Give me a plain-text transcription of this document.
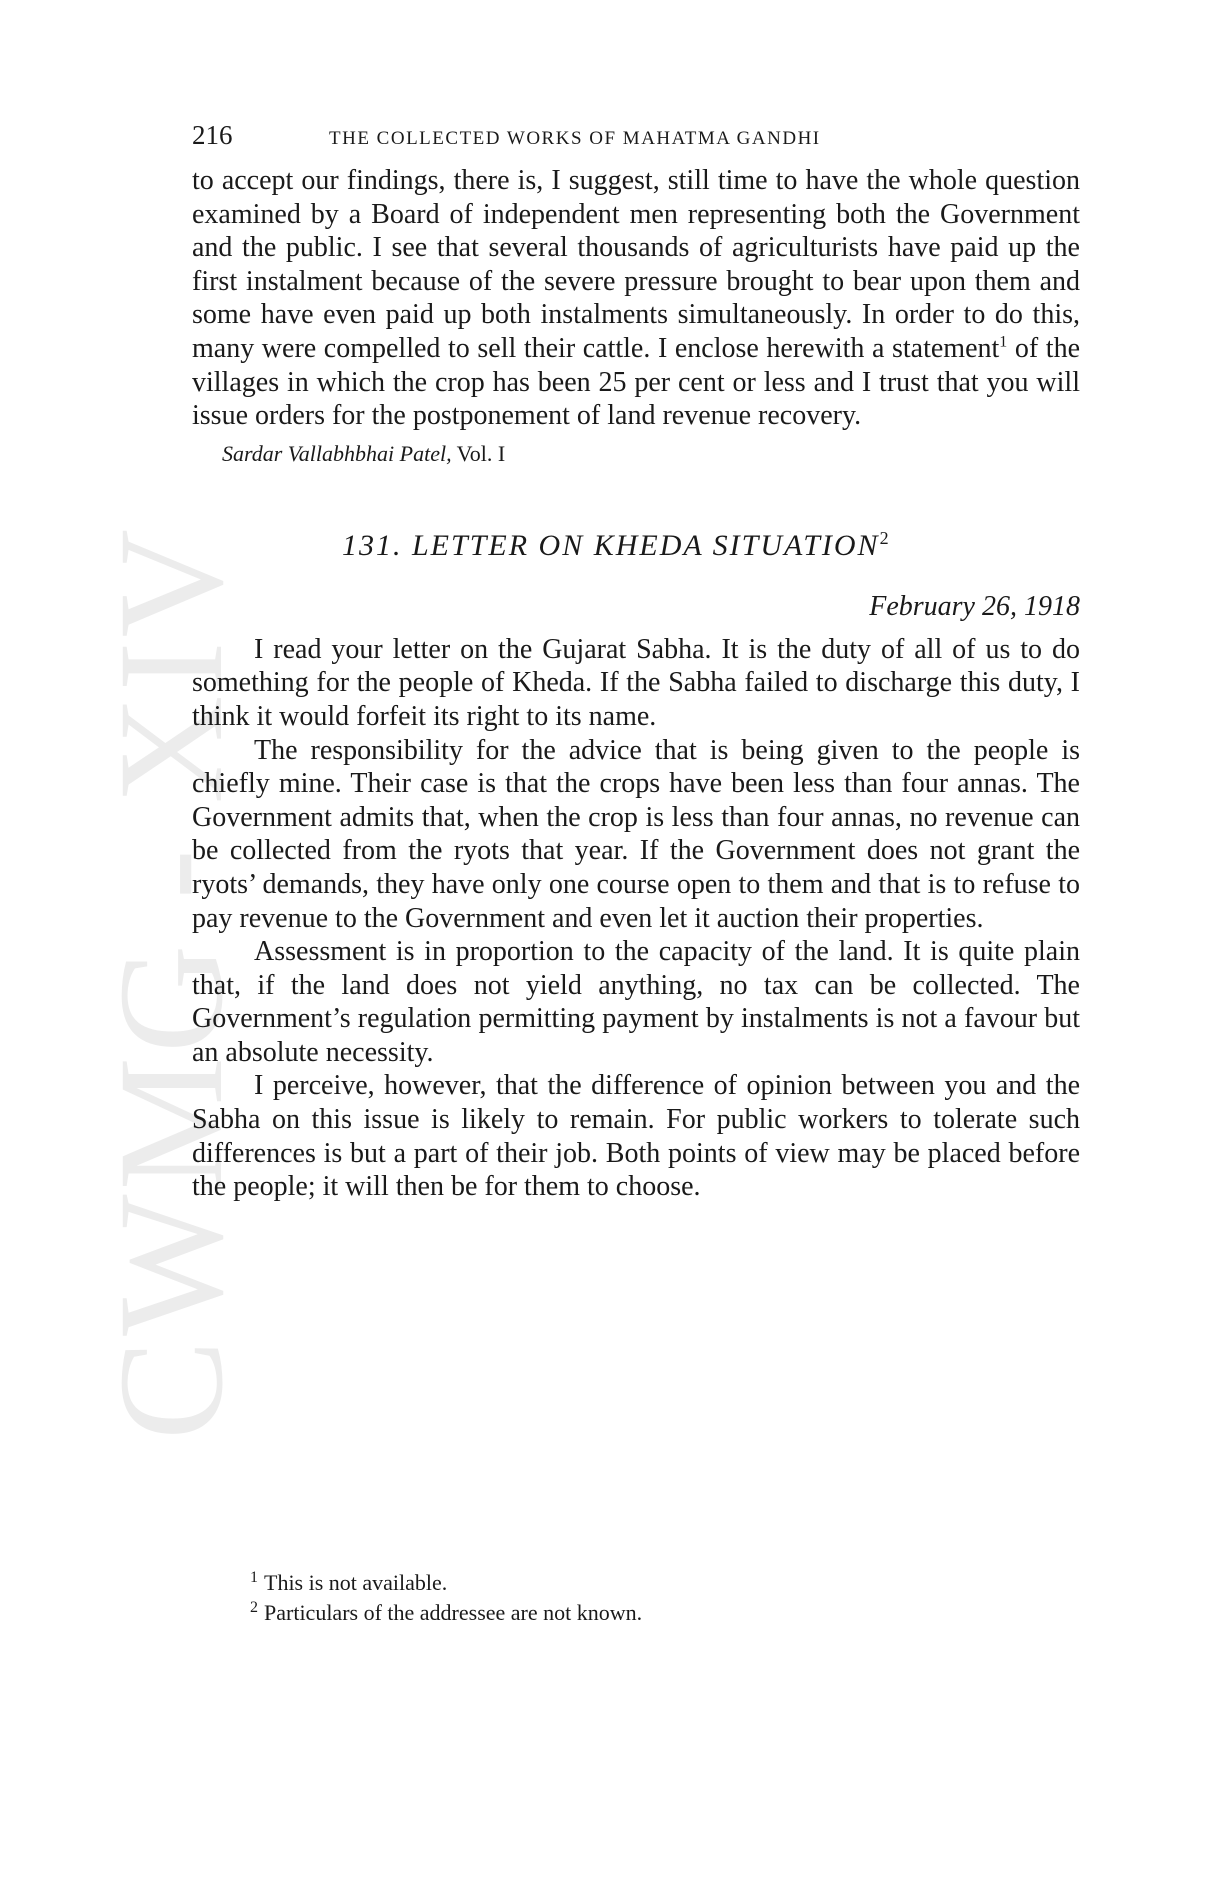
CWMG - XIV
216	THE COLLECTED WORKS OF MAHATMA GANDHI

to accept our findings, there is, I suggest, still time to have the whole question examined by a Board of independent men representing both the Government and the public. I see that several thousands of agriculturists have paid up the first instalment because of the severe pressure brought to bear upon them and some have even paid up both instalments simultaneously. In order to do this, many were compelled to sell their cattle. I enclose herewith a statement$^1$ of the villages in which the crop has been 25 per cent or less and I trust that you will issue orders for the postponement of land revenue recovery.

Sardar Vallabhbhai Patel, Vol. I
131. LETTER ON KHEDA SITUATION$^2$
February 26, 1918

I read your letter on the Gujarat Sabha. It is the duty of all of us to do something for the people of Kheda. If the Sabha failed to discharge this duty, I think it would forfeit its right to its name.

The responsibility for the advice that is being given to the people is chiefly mine. Their case is that the crops have been less than four annas. The Government admits that, when the crop is less than four annas, no revenue can be collected from the ryots that year. If the Government does not grant the ryots’ demands, they have only one course open to them and that is to refuse to pay revenue to the Government and even let it auction their properties.

Assessment is in proportion to the capacity of the land. It is quite plain that, if the land does not yield anything, no tax can be collected. The Government’s regulation permitting payment by instalments is not a favour but an absolute necessity.

I perceive, however, that the difference of opinion between you and the Sabha on this issue is likely to remain. For public workers to tolerate such differences is but a part of their job. Both points of view may be placed before the people; it will then be for them to choose.

$^1$ This is not available.
$^2$ Particulars of the addressee are not known.
